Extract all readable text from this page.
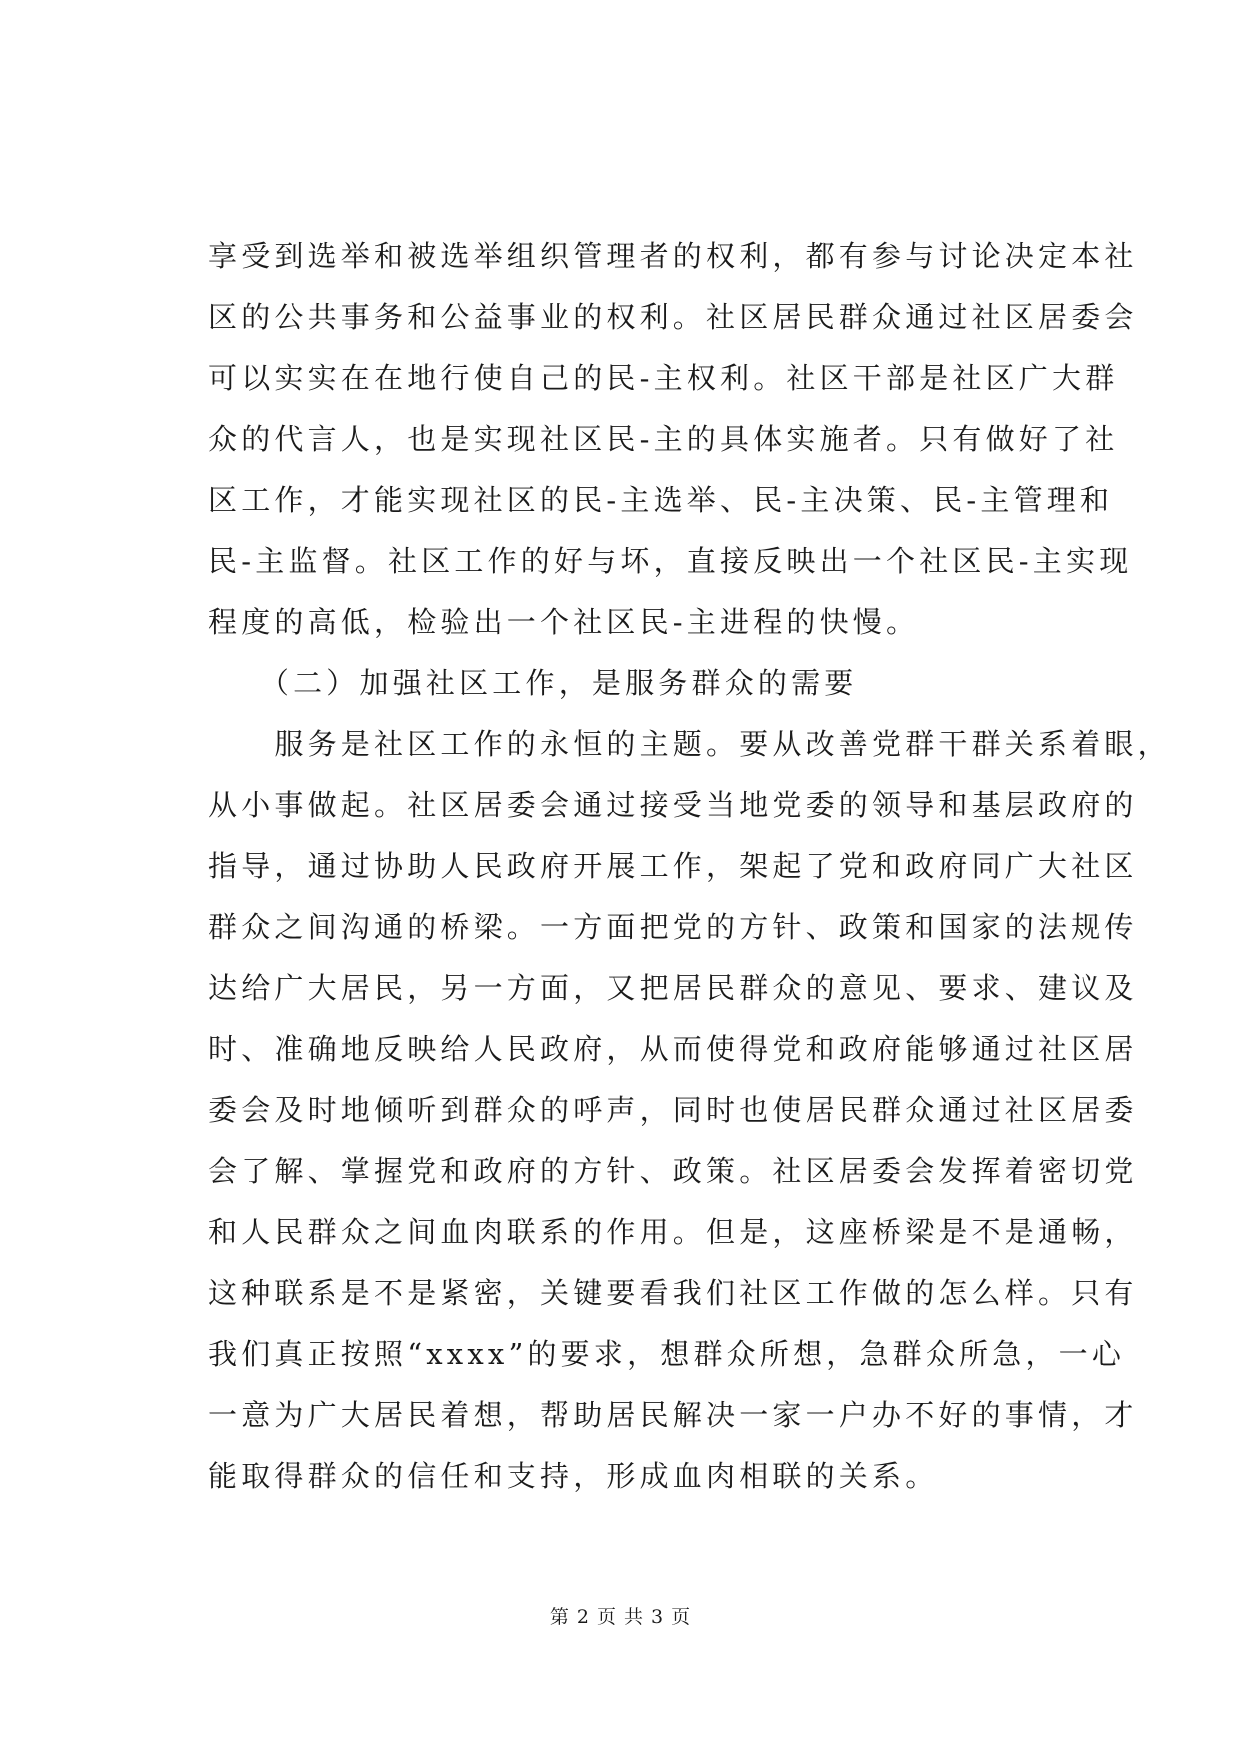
享受到选举和被选举组织管理者的权利，都有参与讨论决定本社
区的公共事务和公益事业的权利。社区居民群众通过社区居委会
可以实实在在地行使自己的民-主权利。社区干部是社区广大群
众的代言人，也是实现社区民-主的具体实施者。只有做好了社
区工作，才能实现社区的民-主选举、民-主决策、民-主管理和
民-主监督。社区工作的好与坏，直接反映出一个社区民-主实现
程度的高低，检验出一个社区民-主进程的快慢。
　　（二）加强社区工作，是服务群众的需要
　　服务是社区工作的永恒的主题。要从改善党群干群关系着眼，
从小事做起。社区居委会通过接受当地党委的领导和基层政府的
指导，通过协助人民政府开展工作，架起了党和政府同广大社区
群众之间沟通的桥梁。一方面把党的方针、政策和国家的法规传
达给广大居民，另一方面，又把居民群众的意见、要求、建议及
时、准确地反映给人民政府，从而使得党和政府能够通过社区居
委会及时地倾听到群众的呼声，同时也使居民群众通过社区居委
会了解、掌握党和政府的方针、政策。社区居委会发挥着密切党
和人民群众之间血肉联系的作用。但是，这座桥梁是不是通畅，
这种联系是不是紧密，关键要看我们社区工作做的怎么样。只有
我们真正按照“xxxx”的要求，想群众所想，急群众所急，一心
一意为广大居民着想，帮助居民解决一家一户办不好的事情，才
能取得群众的信任和支持，形成血肉相联的关系。
第 2 页 共 3 页
